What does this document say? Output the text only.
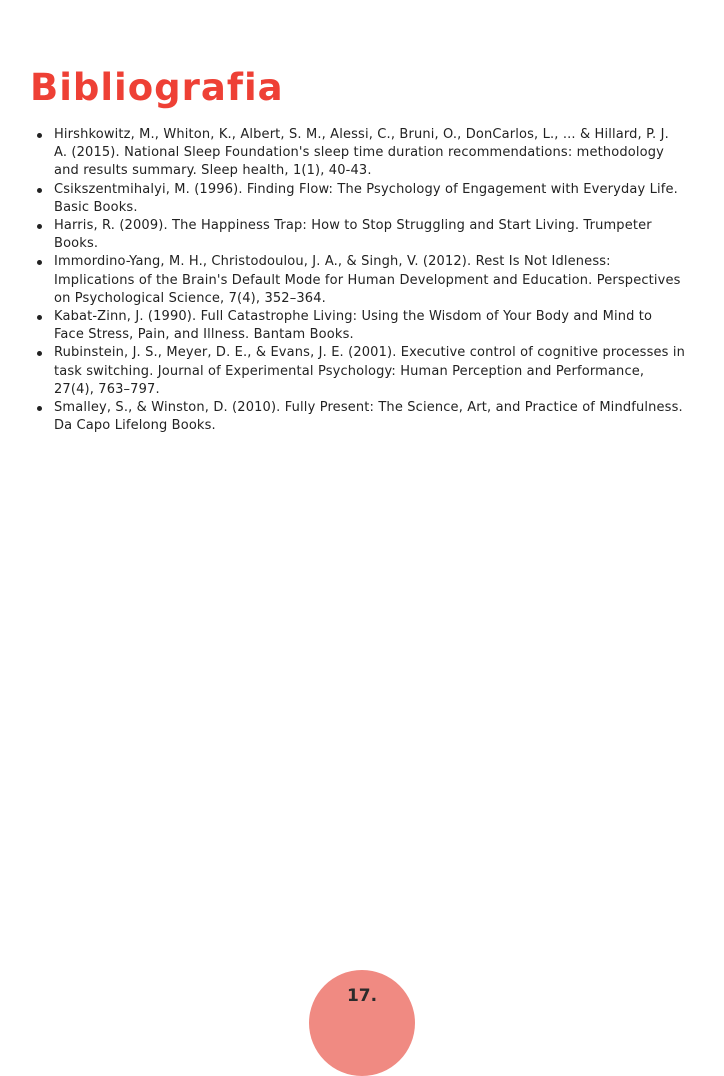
Bibliografia
Hirshkowitz, M., Whiton, K., Albert, S. M., Alessi, C., Bruni, O., DonCarlos, L., ... & Hillard, P. J. A. (2015). National Sleep Foundation's sleep time duration recommendations: methodology and results summary. Sleep health, 1(1), 40-43.
Csikszentmihalyi, M. (1996). Finding Flow: The Psychology of Engagement with Everyday Life. Basic Books.
Harris, R. (2009). The Happiness Trap: How to Stop Struggling and Start Living. Trumpeter Books.
Immordino-Yang, M. H., Christodoulou, J. A., & Singh, V. (2012). Rest Is Not Idleness: Implications of the Brain's Default Mode for Human Development and Education. Perspectives on Psychological Science, 7(4), 352–364.
Kabat-Zinn, J. (1990). Full Catastrophe Living: Using the Wisdom of Your Body and Mind to Face Stress, Pain, and Illness. Bantam Books.
Rubinstein, J. S., Meyer, D. E., & Evans, J. E. (2001). Executive control of cognitive processes in task switching. Journal of Experimental Psychology: Human Perception and Performance, 27(4), 763–797.
Smalley, S., & Winston, D. (2010). Fully Present: The Science, Art, and Practice of Mindfulness. Da Capo Lifelong Books.
17.
